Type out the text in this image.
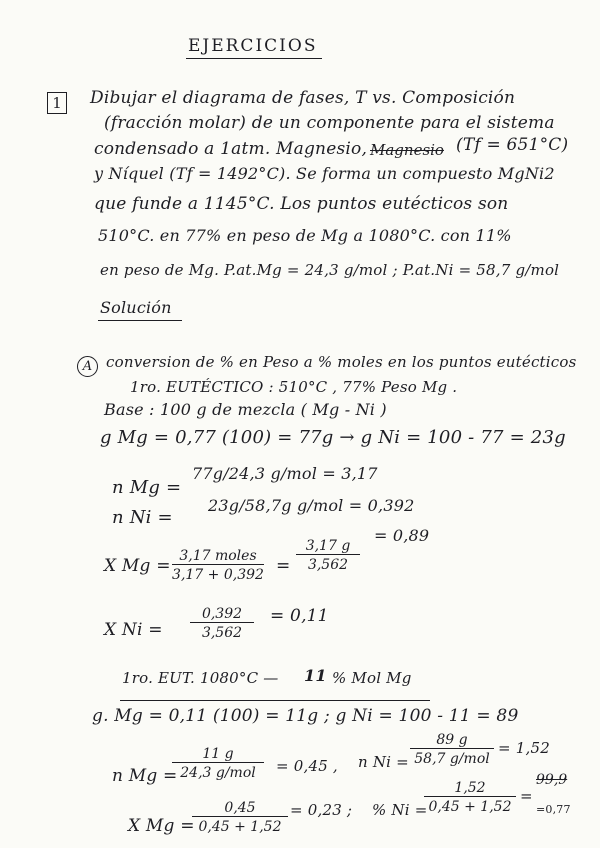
EJERCICIOS
1	Dibujar el diagrama de fases, T vs. Composición
(fracción molar) de un componente para el sistema
condensado a 1atm. Magnesio, Magnesio (Tf = 651°C)
y Níquel (Tf = 1492°C). Se forma un compuesto MgNi2
que funde a 1145°C. Los puntos eutécticos son
510°C. en 77% en peso de Mg a 1080°C. con 11%
en peso de Mg. P.at.Mg = 24,3 g/mol ; P.at.Ni = 58,7 g/mol
Solución
A conversion de % en Peso a % moles en los puntos eutécticos
1ro. EUTÉCTICO : 510°C , 77% Peso Mg .
Base : 100 g de mezcla ( Mg - Ni )
g Mg = 0,77 (100) = 77g → g Ni = 100 - 77 = 23g
n Mg =
77g/24,3 g/mol = 3,17
n Ni =
23g/58,7g g/mol = 0,392
X Mg = 3,17 moles
$3,17 + 0,392 = \frac{3,17 g}{3,562}$
= 0,89
X $Ni = \frac{0,392}{3,562} = 0,11$
1ro. EUT. 1080°C — 11 % Mol Mg
g. Mg = 0,11 (100) = 11g ; g Ni = 100 - 11 = 89
n Mg =
11 g
24,3 g/mol	= 0,45 , n Ni =
89 g
58,7 g/mol
= 1,52
X Mg =
$\frac{0,45}{0,45 + 1,52} = 0,23$ ; % Ni =
$\frac{1,52}{0,45 + 1,52}$ =
99,9
=0,77
